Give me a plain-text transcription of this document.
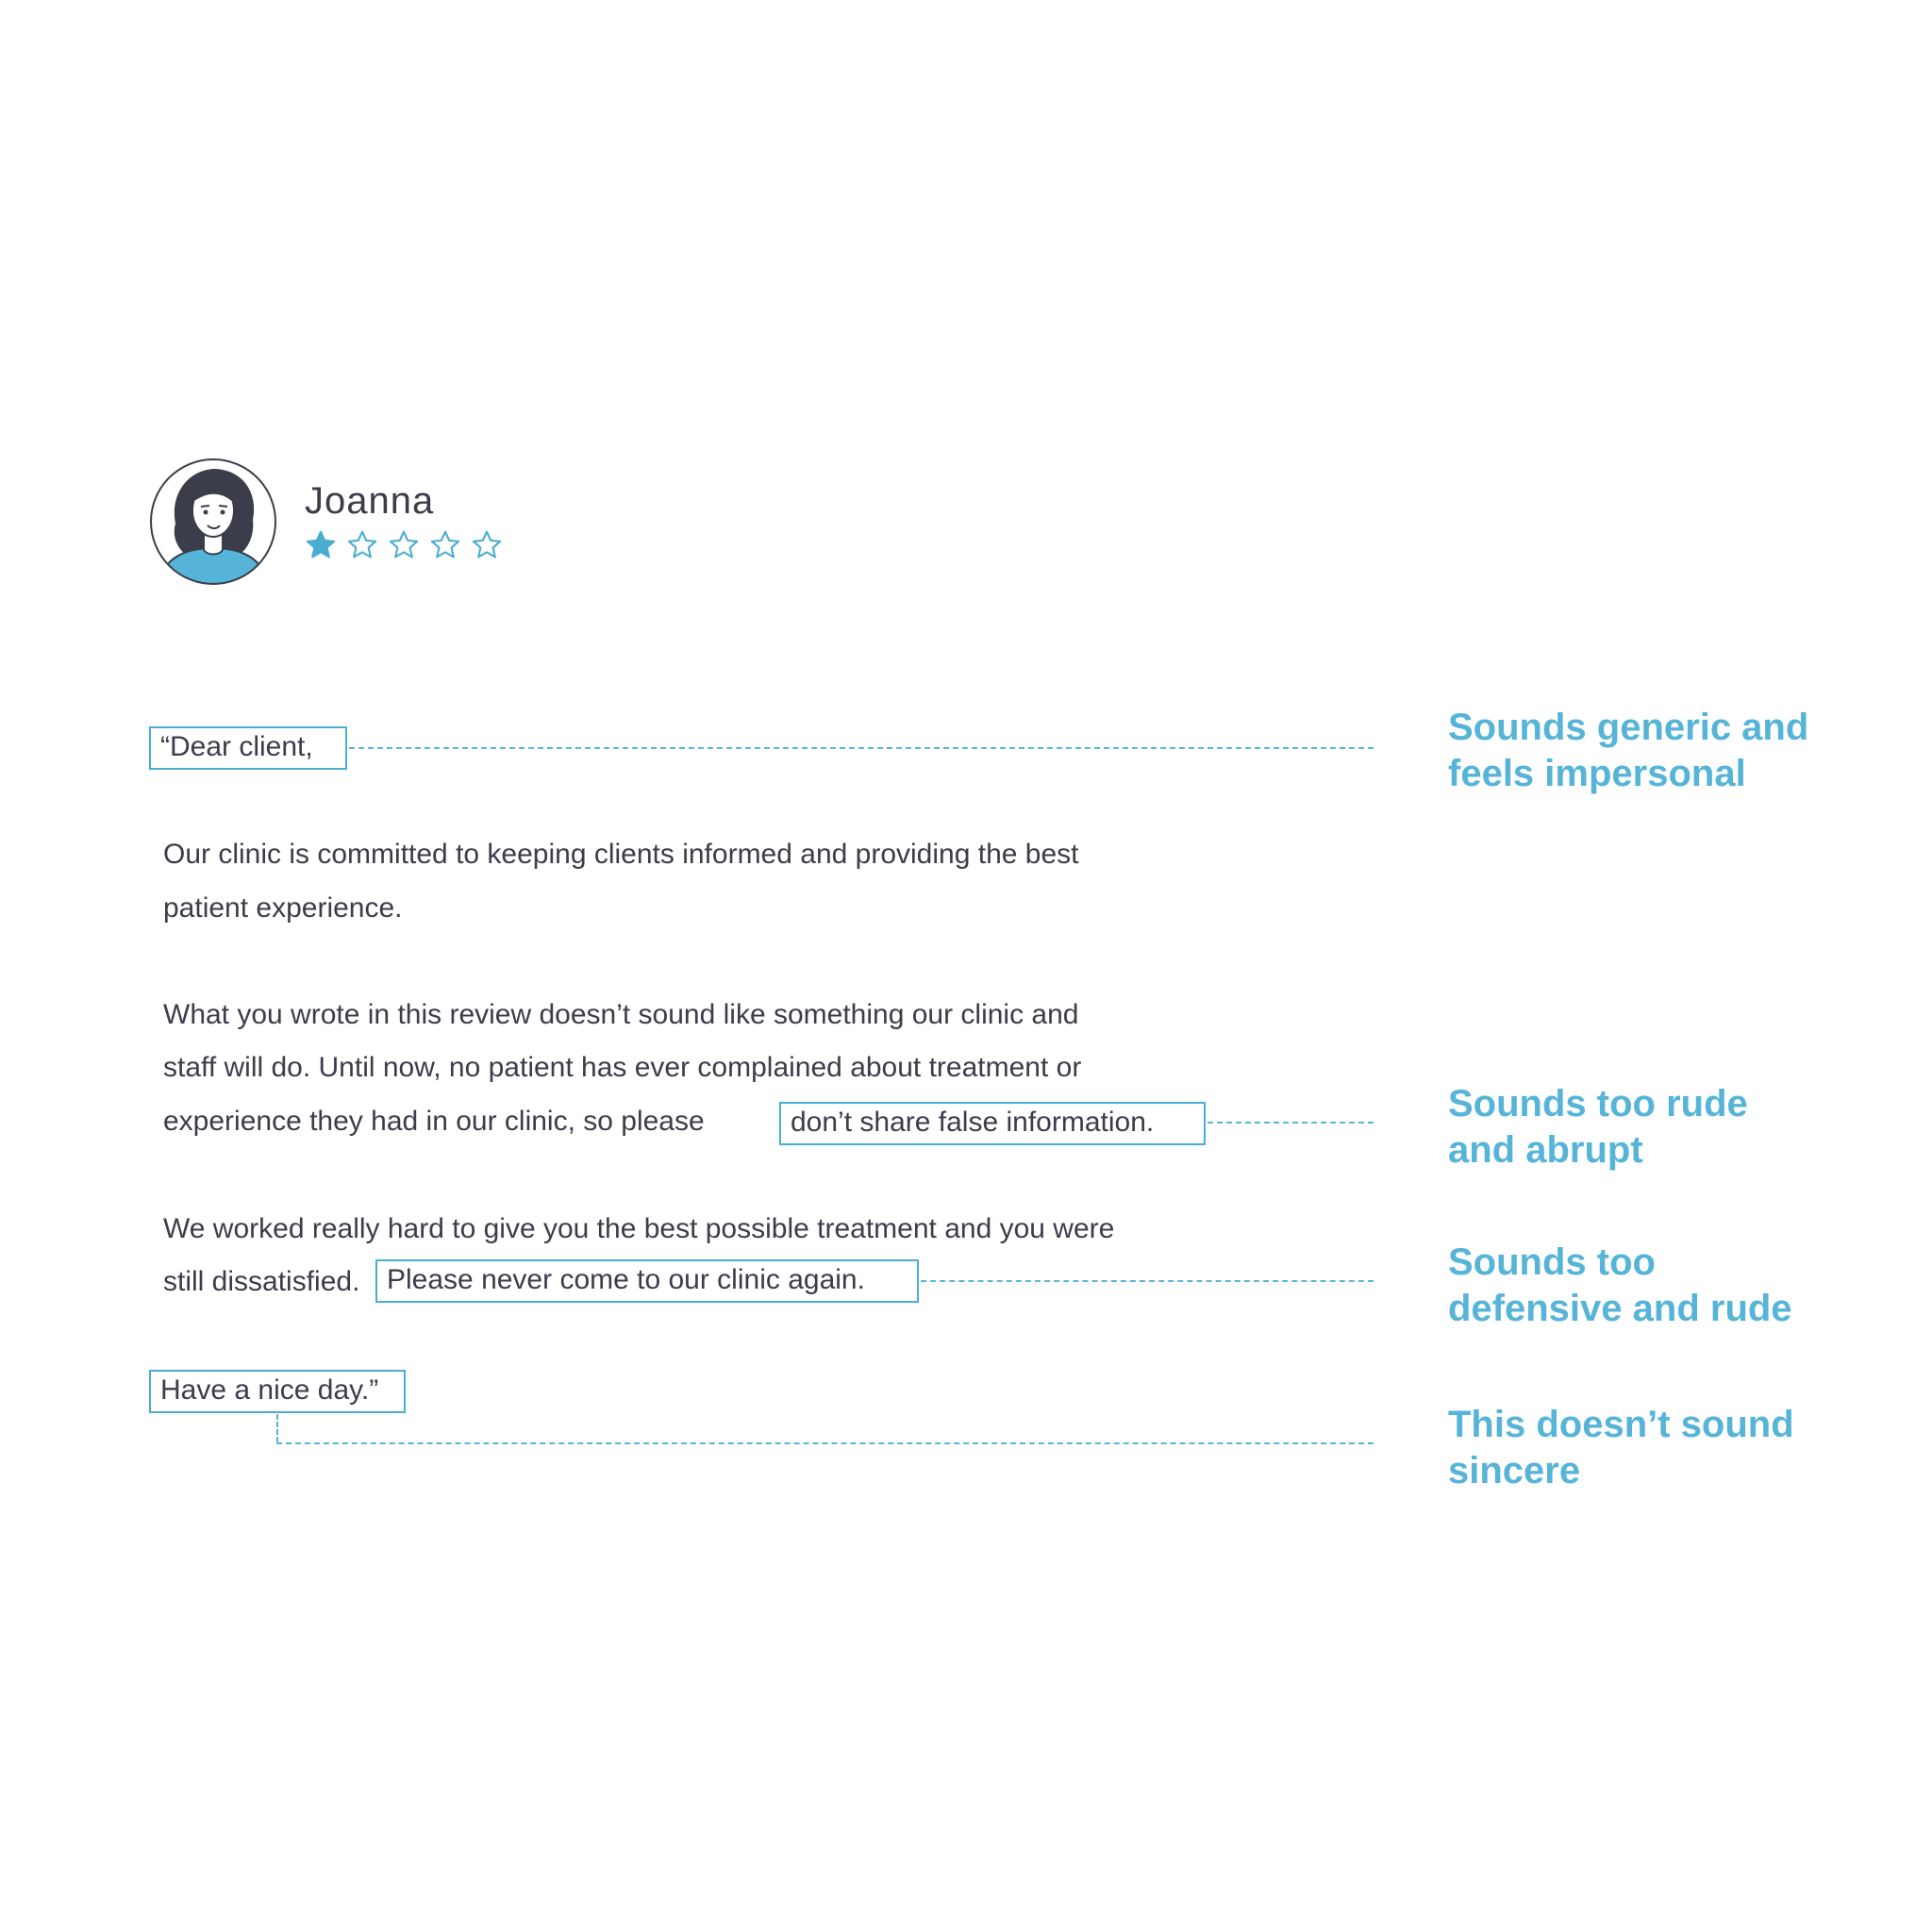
Joanna
“Dear client,
Our clinic is committed to keeping clients informed and providing the best
patient experience.
What you wrote in this review doesn’t sound like something our clinic and
staff will do. Until now, no patient has ever complained about treatment or
experience they had in our clinic, so please	don’t share false information.
We worked really hard to give you the best possible treatment and you were
still dissatisfied. Please never come to our clinic again.
Have a nice day.”
Sounds generic and
feels impersonal
Sounds too rude
and abrupt
Sounds too
defensive and rude
This doesn’t sound
sincere
